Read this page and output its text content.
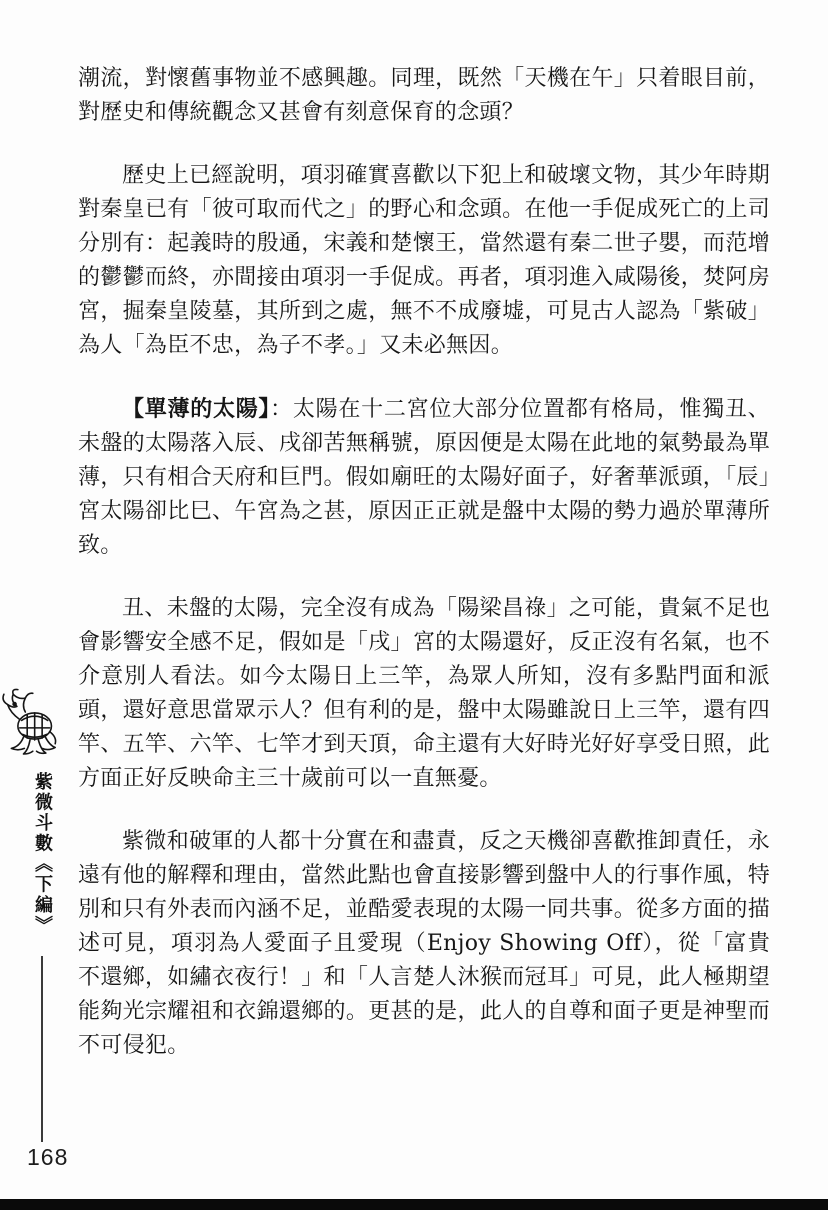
潮流，對懷舊事物並不感興趣。同理，既然「天機在午」只着眼目前，對歷史和傳統觀念又甚會有刻意保育的念頭？

歷史上已經說明，項羽確實喜歡以下犯上和破壞文物，其少年時期對秦皇已有「彼可取而代之」的野心和念頭。在他一手促成死亡的上司分別有：起義時的殷通，宋義和楚懷王，當然還有秦二世子嬰，而范增的鬱鬱而終，亦間接由項羽一手促成。再者，項羽進入咸陽後，焚阿房宮，掘秦皇陵墓，其所到之處，無不不成廢墟，可見古人認為「紫破」為人「為臣不忠，為子不孝。」又未必無因。

【單薄的太陽】：太陽在十二宮位大部分位置都有格局，惟獨丑、未盤的太陽落入辰、戌卻苦無稱號，原因便是太陽在此地的氣勢最為單薄，只有相合天府和巨門。假如廟旺的太陽好面子，好奢華派頭，「辰」宮太陽卻比巳、午宮為之甚，原因正正就是盤中太陽的勢力過於單薄所致。

丑、未盤的太陽，完全沒有成為「陽梁昌祿」之可能，貴氣不足也會影響安全感不足，假如是「戌」宮的太陽還好，反正沒有名氣，也不介意別人看法。如今太陽日上三竿，為眾人所知，沒有多點門面和派頭，還好意思當眾示人？但有利的是，盤中太陽雖說日上三竿，還有四竿、五竿、六竿、七竿才到天頂，命主還有大好時光好好享受日照，此方面正好反映命主三十歲前可以一直無憂。

紫微和破軍的人都十分實在和盡責，反之天機卻喜歡推卸責任，永遠有他的解釋和理由，當然此點也會直接影響到盤中人的行事作風，特別和只有外表而內涵不足，並酷愛表現的太陽一同共事。從多方面的描述可見，項羽為人愛面子且愛現（Enjoy Showing Off），從「富貴不還鄉，如繡衣夜行！」和「人言楚人沐猴而冠耳」可見，此人極期望能夠光宗耀祖和衣錦還鄉的。更甚的是，此人的自尊和面子更是神聖而不可侵犯。

紫微斗數《下編》
168
